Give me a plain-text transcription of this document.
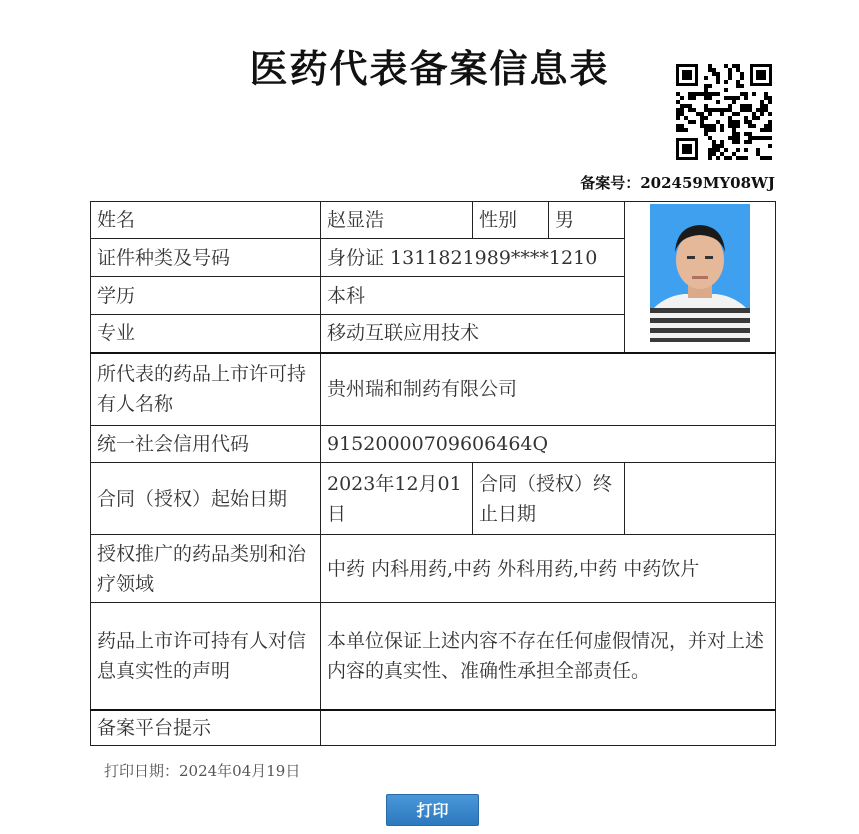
医药代表备案信息表
备案号：202459MY08WJ
姓名	赵显浩	性别	男	

证件种类及号码	身份证 1311821989****1210			
学历	本科			
专业	移动互联应用技术			
所代表的药品上市许可持有人名称	贵州瑞和制药有限公司			
统一社会信用代码	91520000709606464Q			
合同（授权）起始日期	2023年12月01日	合同（授权）终止日期		
授权推广的药品类别和治疗领域	中药 内科用药,中药 外科用药,中药 中药饮片			
药品上市许可持有人对信息真实性的声明	本单位保证上述内容不存在任何虚假情况，并对上述内容的真实性、准确性承担全部责任。			
备案平台提示				
打印日期：2024年04月19日
打印
